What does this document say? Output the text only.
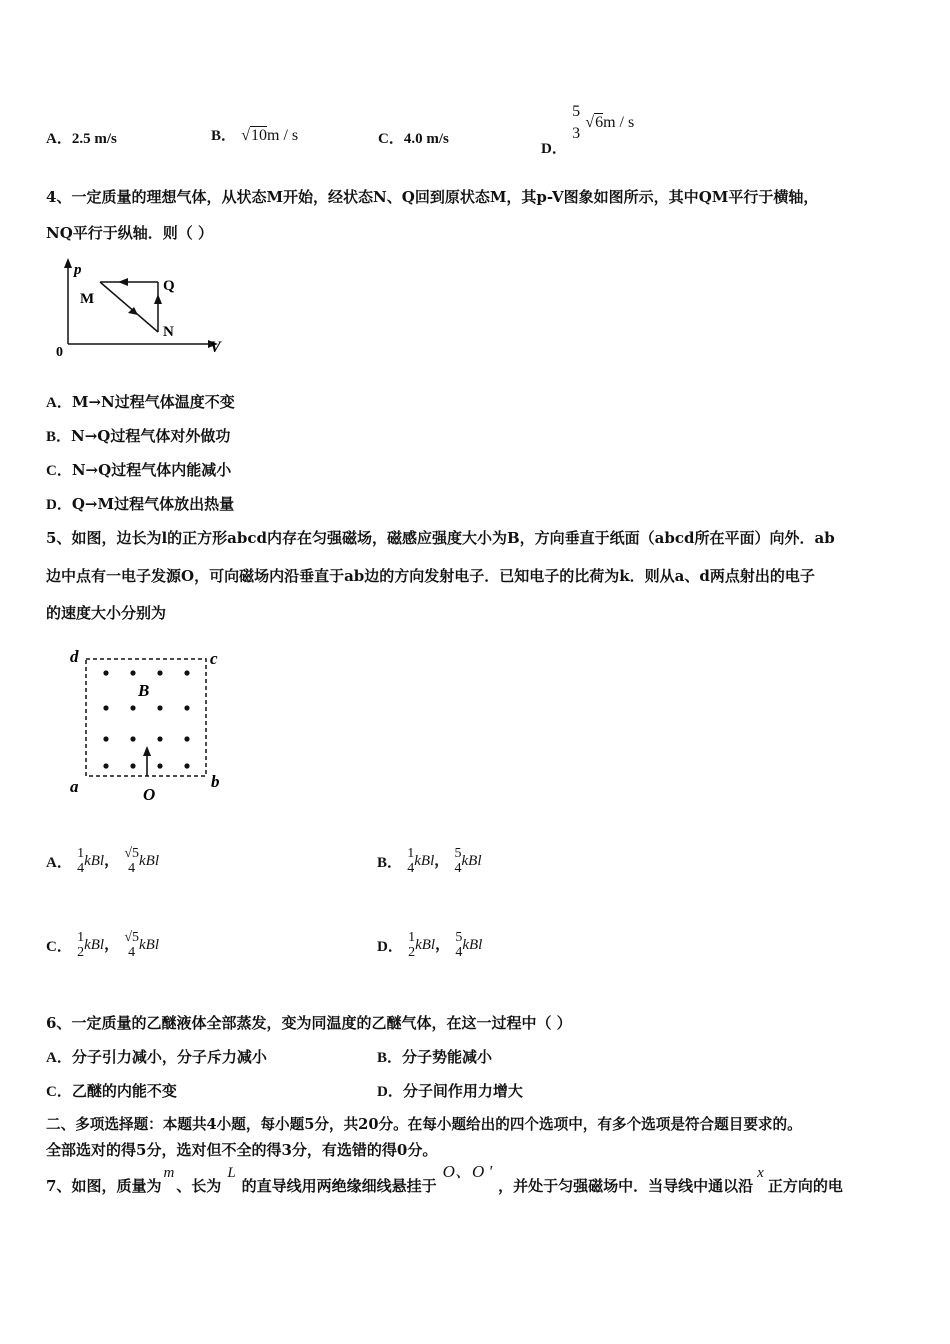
A．2.5 m/s	B． √10m / s	C．4.0 m/s
D．
5
3
√6m / s
4、一定质量的理想气体，从状态M开始，经状态N、Q回到原状态M，其p-V图象如图所示，其中QM平行于横轴，
NQ平行于纵轴．则（ ）
p
V
0
M
Q
N
A．M→N过程气体温度不变
B．N→Q过程气体对外做功
C．N→Q过程气体内能减小
D．Q→M过程气体放出热量
5、如图，边长为l的正方形abcd内存在匀强磁场，磁感应强度大小为B，方向垂直于纸面（abcd所在平面）向外．ab
边中点有一电子发源O，可向磁场内沿垂直于ab边的方向发射电子．已知电子的比荷为k．则从a、d两点射出的电子
的速度大小分别为
d	c
a	b
B
O
A．
1
4 kBl， √5
4 kBl	B．
1
4 kBl， 5
4 kBl
C．
1
2 kBl， √5
4 kBl	D．
1
2 kBl， 5
4 kBl
6、一定质量的乙醚液体全部蒸发，变为同温度的乙醚气体，在这一过程中（ ）
A．分子引力减小，分子斥力减小	B．分子势能减小
C．乙醚的内能不变	D．分子间作用力增大
二、多项选择题：本题共4小题，每小题5分，共20分。在每小题给出的四个选项中，有多个选项是符合题目要求的。
全部选对的得5分，选对但不全的得3分，有选错的得0分。
7、如图，质量为m、长为L的直导线用两绝缘细线悬挂于O、O '，并处于匀强磁场中．当导线中通以沿x正方向的电
